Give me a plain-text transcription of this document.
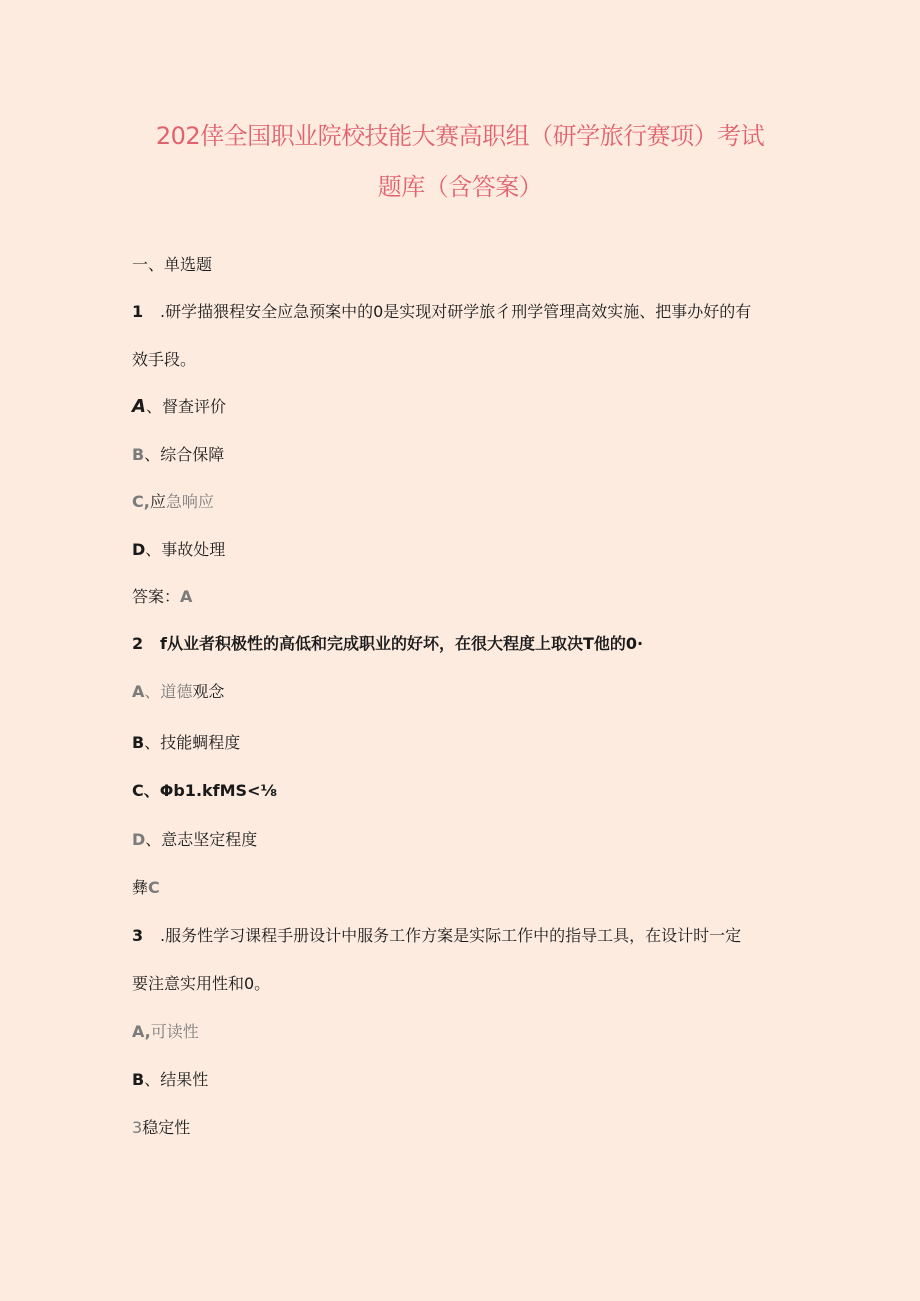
202倖全国职业院校技能大赛高职组（研学旅行赛项）考试
题库（含答案）
一、单选题
1 .研学描猥程安全应急预案中的0是实现对研学旅彳刑学管理高效实施、把事办好的有
效手段。
A、督查评价
B、综合保障
C,应急响应
D、事故处理
答案：A
2 f从业者积极性的高低和完成职业的好坏，在很大程度上取决T他的0·
A、道德观念
B、技能蜩程度
C、Φb1.kfMS<⅛
D、意志坚定程度
彝C
3 .服务性学习课程手册设计中服务工作方案是实际工作中的指导工具，在设计时一定
要注意实用性和0。
A,可读性
B、结果性
3稳定性
